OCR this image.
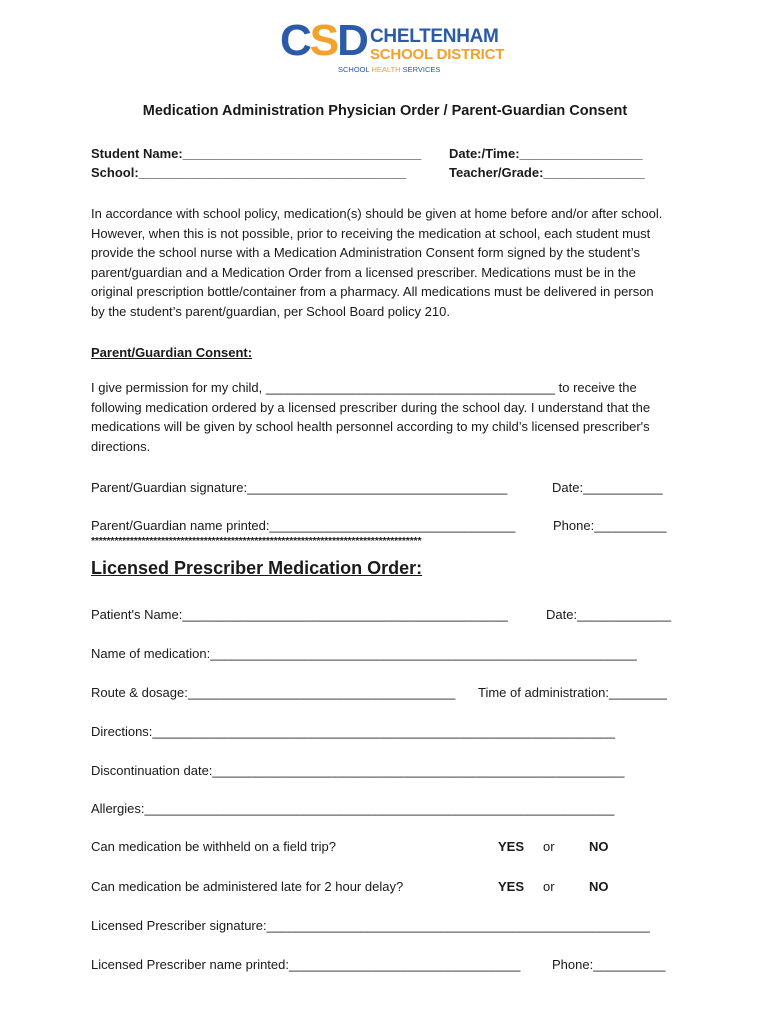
CSD CHELTENHAM
SCHOOL DISTRICT
SCHOOL HEALTH SERVICES
Medication Administration Physician Order / Parent-Guardian Consent
Student Name:_________________________________ Date:/Time:_________________
School:_____________________________________	Teacher/Grade:______________
In accordance with school policy, medication(s) should be given at home before and/or after school.
However, when this is not possible, prior to receiving the medication at school, each student must
provide the school nurse with a Medication Administration Consent form signed by the student’s
parent/guardian and a Medication Order from a licensed prescriber. Medications must be in the
original prescription bottle/container from a pharmacy. All medications must be delivered in person
by the student’s parent/guardian, per School Board policy 210.
Parent/Guardian Consent:
I give permission for my child, ________________________________________ to receive the
following medication ordered by a licensed prescriber during the school day. I understand that the
medications will be given by school health personnel according to my child’s licensed prescriber's
directions.
Parent/Guardian signature:____________________________________	Date:___________
Parent/Guardian name printed:__________________________________	Phone:__________
*************************************************************************************
Licensed Prescriber Medication Order:
Patient's Name:_____________________________________________	Date:_____________
Name of medication:___________________________________________________________
Route & dosage:_____________________________________ Time of administration:________
Directions:________________________________________________________________
Discontinuation date:_________________________________________________________
Allergies:_________________________________________________________________
Can medication be withheld on a field trip?	YES or	NO
Can medication be administered late for 2 hour delay?	YES or	NO
Licensed Prescriber signature:_____________________________________________________
Licensed Prescriber name printed:________________________________ Phone:__________
